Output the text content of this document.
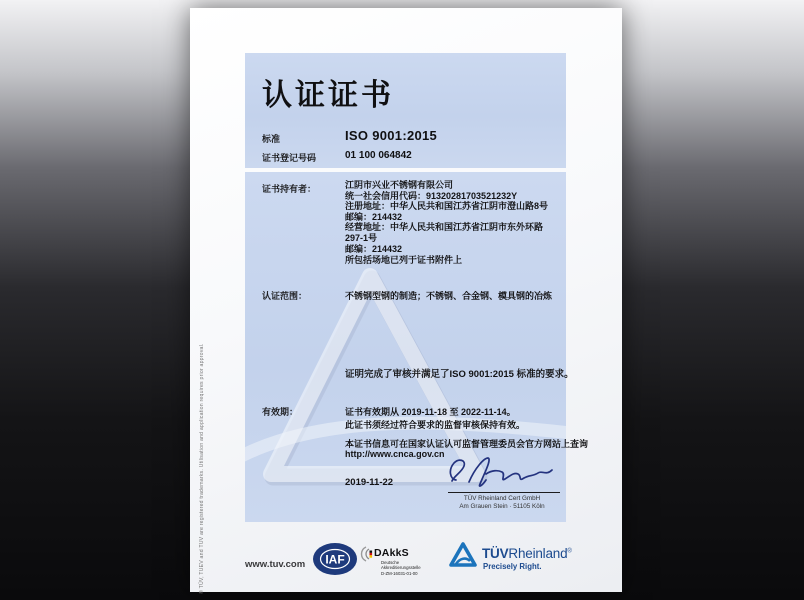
® TÜV, TUEV and TUV are registered trademarks. Utilisation and application requires prior approval.
认证证书
标准	ISO 9001:2015
证书登记号码	01 100 064842
证书持有者：	江阴市兴业不锈钢有限公司
统一社会信用代码：91320281703521232Y
注册地址：中华人民共和国江苏省江阴市澄山路8号
邮编：214432
经营地址：中华人民共和国江苏省江阴市东外环路297-1号
邮编：214432
所包括场地已列于证书附件上
认证范围：	不锈钢型钢的制造；不锈钢、合金钢、模具钢的冶炼
证明完成了审核并满足了ISO 9001:2015 标准的要求。
有效期：	证书有效期从 2019-11-18 至 2022-11-14。
此证书须经过符合要求的监督审核保持有效。
本证书信息可在国家认证认可监督管理委员会官方网站上查询
http://www.cnca.gov.cn
2019-11-22
TÜV Rheinland Cert GmbH
Am Grauen Stein · 51105 Köln
www.tuv.com IAF	DAkkS
Deutsche
Akkreditierungsstelle
D-ZM-16031-01-00
TÜVRheinland®
Precisely Right.
